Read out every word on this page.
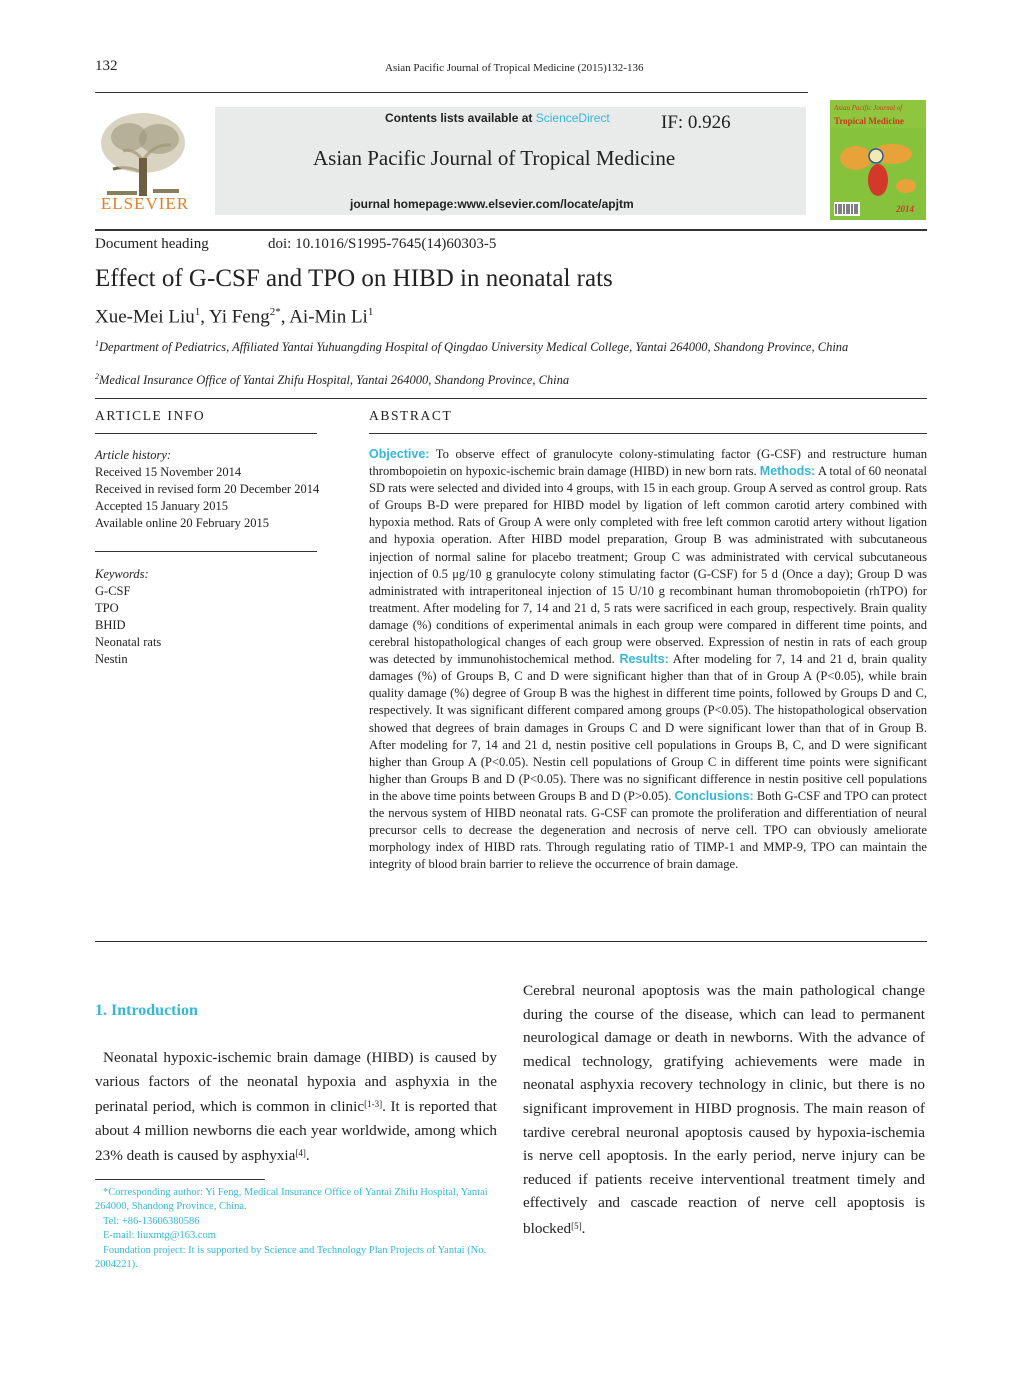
132	Asian Pacific Journal of Tropical Medicine (2015)132-136
ELSEVIER
Contents lists available at ScienceDirect	IF: 0.926
Asian Pacific Journal of Tropical Medicine
journal homepage:www.elsevier.com/locate/apjtm
Asian Pacific Journal of
Tropical Medicine
2014
Document heading	doi: 10.1016/S1995-7645(14)60303-5
Effect of G-CSF and TPO on HIBD in neonatal rats
Xue-Mei Liu$^1$, Yi Feng$^{2*}$, Ai-Min Li$^1$
$^1$Department of Pediatrics, Affiliated Yantai Yuhuangding Hospital of Qingdao University Medical College, Yantai 264000, Shandong Province, China
$^2$Medical Insurance Office of Yantai Zhifu Hospital, Yantai 264000, Shandong Province, China
ARTICLE INFO
Article history:
Received 15 November 2014
Received in revised form 20 December 2014
Accepted 15 January 2015
Available online 20 February 2015
Keywords:
G-CSF
TPO
BHID
Neonatal rats
Nestin
ABSTRACT
Objective: To observe effect of granulocyte colony-stimulating factor (G-CSF) and restructure human thrombopoietin on hypoxic-ischemic brain damage (HIBD) in new born rats. Methods: A total of 60 neonatal SD rats were selected and divided into 4 groups, with 15 in each group. Group A served as control group. Rats of Groups B-D were prepared for HIBD model by ligation of left common carotid artery combined with hypoxia method. Rats of Group A were only completed with free left common carotid artery without ligation and hypoxia operation. After HIBD model preparation, Group B was administrated with subcutaneous injection of normal saline for placebo treatment; Group C was administrated with cervical subcutaneous injection of 0.5 μg/10 g granulocyte colony stimulating factor (G-CSF) for 5 d (Once a day); Group D was administrated with intraperitoneal injection of 15 U/10 g recombinant human thromobopoietin (rhTPO) for treatment. After modeling for 7, 14 and 21 d, 5 rats were sacrificed in each group, respectively. Brain quality damage (%) conditions of experimental animals in each group were compared in different time points, and cerebral histopathological changes of each group were observed. Expression of nestin in rats of each group was detected by immunohistochemical method. Results: After modeling for 7, 14 and 21 d, brain quality damages (%) of Groups B, C and D were significant higher than that of in Group A (P<0.05), while brain quality damage (%) degree of Group B was the highest in different time points, followed by Groups D and C, respectively. It was significant different compared among groups (P<0.05). The histopathological observation showed that degrees of brain damages in Groups C and D were significant lower than that of in Group B. After modeling for 7, 14 and 21 d, nestin positive cell populations in Groups B, C, and D were significant higher than Group A (P<0.05). Nestin cell populations of Group C in different time points were significant higher than Groups B and D (P<0.05). There was no significant difference in nestin positive cell populations in the above time points between Groups B and D (P>0.05). Conclusions: Both G-CSF and TPO can protect the nervous system of HIBD neonatal rats. G-CSF can promote the proliferation and differentiation of neural precursor cells to decrease the degeneration and necrosis of nerve cell. TPO can obviously ameliorate morphology index of HIBD rats. Through regulating ratio of TIMP-1 and MMP-9, TPO can maintain the integrity of blood brain barrier to relieve the occurrence of brain damage.
1. Introduction
Neonatal hypoxic-ischemic brain damage (HIBD) is caused by various factors of the neonatal hypoxia and asphyxia in the perinatal period, which is common in clinic[1-3]. It is reported that about 4 million newborns die each year worldwide, among which 23% death is caused by asphyxia[4].
*Corresponding author: Yi Feng, Medical Insurance Office of Yantai Zhifu Hospital, Yantai 264000, Shandong Province, China.
Tel: +86-13606380586
E-mail: liuxmtg@163.com
Foundation project: It is supported by Science and Technology Plan Projects of Yantai (No. 2004221).
Cerebral neuronal apoptosis was the main pathological change during the course of the disease, which can lead to permanent neurological damage or death in newborns. With the advance of medical technology, gratifying achievements were made in neonatal asphyxia recovery technology in clinic, but there is no significant improvement in HIBD prognosis. The main reason of tardive cerebral neuronal apoptosis caused by hypoxia-ischemia is nerve cell apoptosis. In the early period, nerve injury can be reduced if patients receive interventional treatment timely and effectively and cascade reaction of nerve cell apoptosis is blocked[5].
